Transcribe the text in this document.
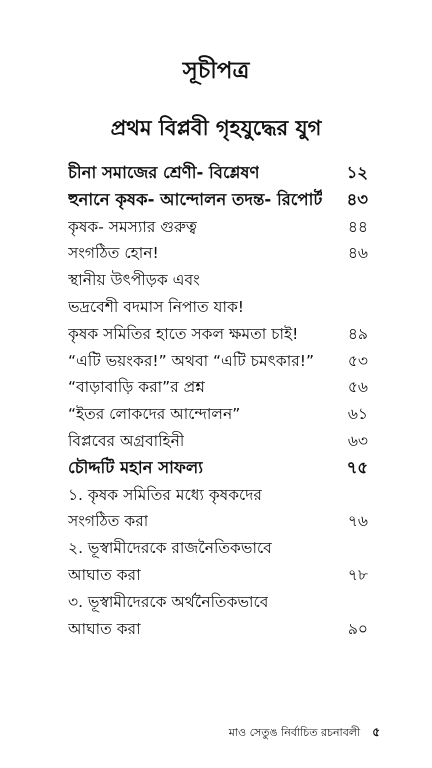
সূচীপত্র
প্রথম বিপ্লবী গৃহযুদ্ধের যুগ
চীনা সমাজের শ্রেণী- বিশ্লেষণ	১২
হুনানে কৃষক- আন্দোলন তদন্ত- রিপোর্ট	৪৩
কৃষক- সমস্যার গুরুত্ব	৪৪
সংগঠিত হোন!	৪৬
স্থানীয় উৎপীড়ক এবং
ভদ্রবেশী বদমাস নিপাত যাক!
কৃষক সমিতির হাতে সকল ক্ষমতা চাই!	৪৯
“এটি ভয়ংকর!” অথবা “এটি চমৎকার!”	৫৩
“বাড়াবাড়ি করা”র প্রশ্ন	৫৬
“ইতর লোকদের আন্দোলন”	৬১
বিপ্লবের অগ্রবাহিনী	৬৩
চৌদ্দটি মহান সাফল্য	৭৫
১. কৃষক সমিতির মধ্যে কৃষকদের
সংগঠিত করা	৭৬
২. ভূস্বামীদেরকে রাজনৈতিকভাবে
আঘাত করা	৭৮
৩. ভূস্বামীদেরকে অর্থনৈতিকভাবে
আঘাত করা	৯০
মাও সেতুঙ নির্বাচিত রচনাবলী ৫
